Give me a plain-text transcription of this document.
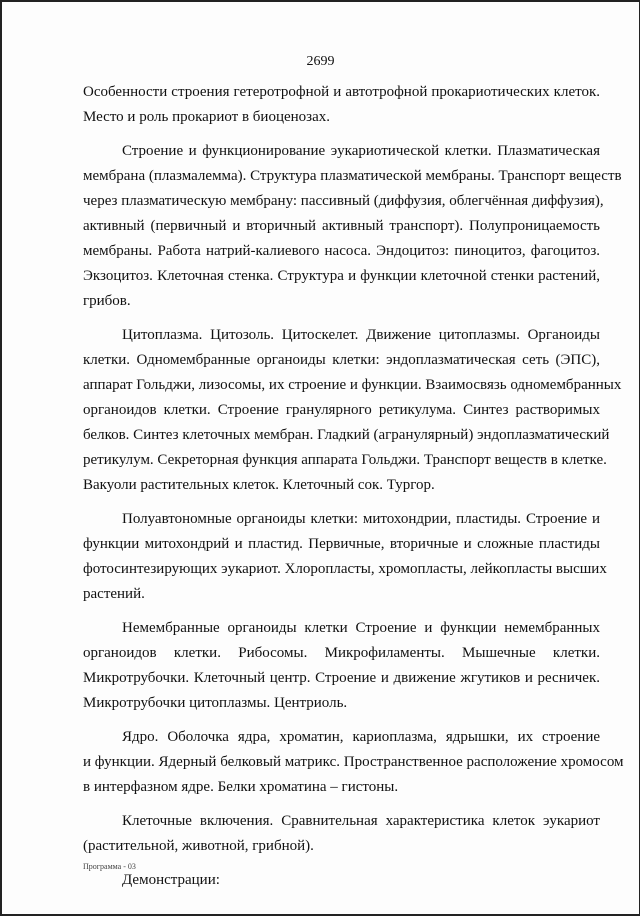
2699
Особенности строения гетеротрофной и автотрофной прокариотических клеток.
Место и роль прокариот в биоценозах.
Строение и функционирование эукариотической клетки. Плазматическая
мембрана (плазмалемма). Структура плазматической мембраны. Транспорт веществ
через плазматическую мембрану: пассивный (диффузия, облегчённая диффузия),
активный (первичный и вторичный активный транспорт). Полупроницаемость
мембраны. Работа натрий-калиевого насоса. Эндоцитоз: пиноцитоз, фагоцитоз.
Экзоцитоз. Клеточная стенка. Структура и функции клеточной стенки растений,
грибов.
Цитоплазма. Цитозоль. Цитоскелет. Движение цитоплазмы. Органоиды
клетки. Одномембранные органоиды клетки: эндоплазматическая сеть (ЭПС),
аппарат Гольджи, лизосомы, их строение и функции. Взаимосвязь одномембранных
органоидов клетки. Строение гранулярного ретикулума. Синтез растворимых
белков. Синтез клеточных мембран. Гладкий (агранулярный) эндоплазматический
ретикулум. Секреторная функция аппарата Гольджи. Транспорт веществ в клетке.
Вакуоли растительных клеток. Клеточный сок. Тургор.
Полуавтономные органоиды клетки: митохондрии, пластиды. Строение и
функции митохондрий и пластид. Первичные, вторичные и сложные пластиды
фотосинтезирующих эукариот. Хлоропласты, хромопласты, лейкопласты высших
растений.
Немембранные органоиды клетки Строение и функции немембранных
органоидов клетки. Рибосомы. Микрофиламенты. Мышечные клетки.
Микротрубочки. Клеточный центр. Строение и движение жгутиков и ресничек.
Микротрубочки цитоплазмы. Центриоль.
Ядро. Оболочка ядра, хроматин, кариоплазма, ядрышки, их строение
и функции. Ядерный белковый матрикс. Пространственное расположение хромосом
в интерфазном ядре. Белки хроматина – гистоны.
Клеточные включения. Сравнительная характеристика клеток эукариот
(растительной, животной, грибной).
Демонстрации:
Программа - 03
